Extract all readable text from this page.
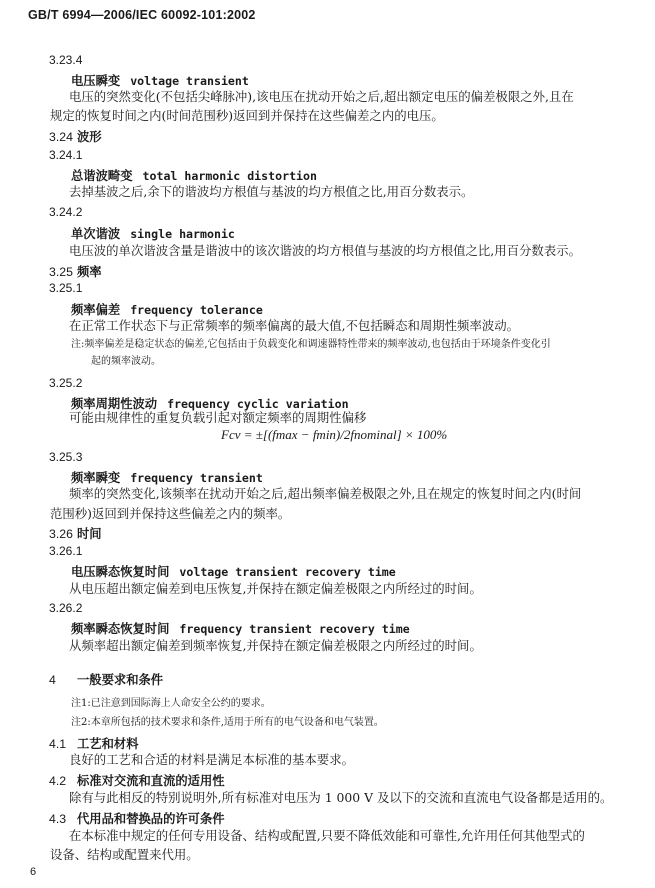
GB/T 6994—2006/IEC 60092-101:2002
3.23.4
电压瞬变 voltage transient
电压的突然变化(不包括尖峰脉冲),该电压在扰动开始之后,超出额定电压的偏差极限之外,且在
规定的恢复时间之内(时间范围秒)返回到并保持在这些偏差之内的电压。
3.24 波形
3.24.1
总谐波畸变 total harmonic distortion
去掉基波之后,余下的谐波均方根值与基波的均方根值之比,用百分数表示。
3.24.2
单次谐波 single harmonic
电压波的单次谐波含量是谐波中的该次谐波的均方根值与基波的均方根值之比,用百分数表示。
3.25 频率
3.25.1
频率偏差 frequency tolerance
在正常工作状态下与正常频率的频率偏离的最大值,不包括瞬态和周期性频率波动。
注:频率偏差是稳定状态的偏差,它包括由于负载变化和调速器特性带来的频率波动,也包括由于环境条件变化引
起的频率波动。
3.25.2
频率周期性波动 frequency cyclic variation
可能由规律性的重复负载引起对额定频率的周期性偏移
Fcv = ±[(fmax − fmin)/2fnominal] × 100%
3.25.3
频率瞬变 frequency transient
频率的突然变化,该频率在扰动开始之后,超出频率偏差极限之外,且在规定的恢复时间之内(时间
范围秒)返回到并保持这些偏差之内的频率。
3.26 时间
3.26.1
电压瞬态恢复时间 voltage transient recovery time
从电压超出额定偏差到电压恢复,并保持在额定偏差极限之内所经过的时间。
3.26.2
频率瞬态恢复时间 frequency transient recovery time
从频率超出额定偏差到频率恢复,并保持在额定偏差极限之内所经过的时间。
4 一般要求和条件
注1:已注意到国际海上人命安全公约的要求。
注2:本章所包括的技术要求和条件,适用于所有的电气设备和电气装置。
4.1 工艺和材料
良好的工艺和合适的材料是满足本标准的基本要求。
4.2 标准对交流和直流的适用性
除有与此相反的特别说明外,所有标准对电压为 1 000 V 及以下的交流和直流电气设备都是适用的。
4.3 代用品和替换品的许可条件
在本标准中规定的任何专用设备、结构或配置,只要不降低效能和可靠性,允许用任何其他型式的
设备、结构或配置来代用。
6
